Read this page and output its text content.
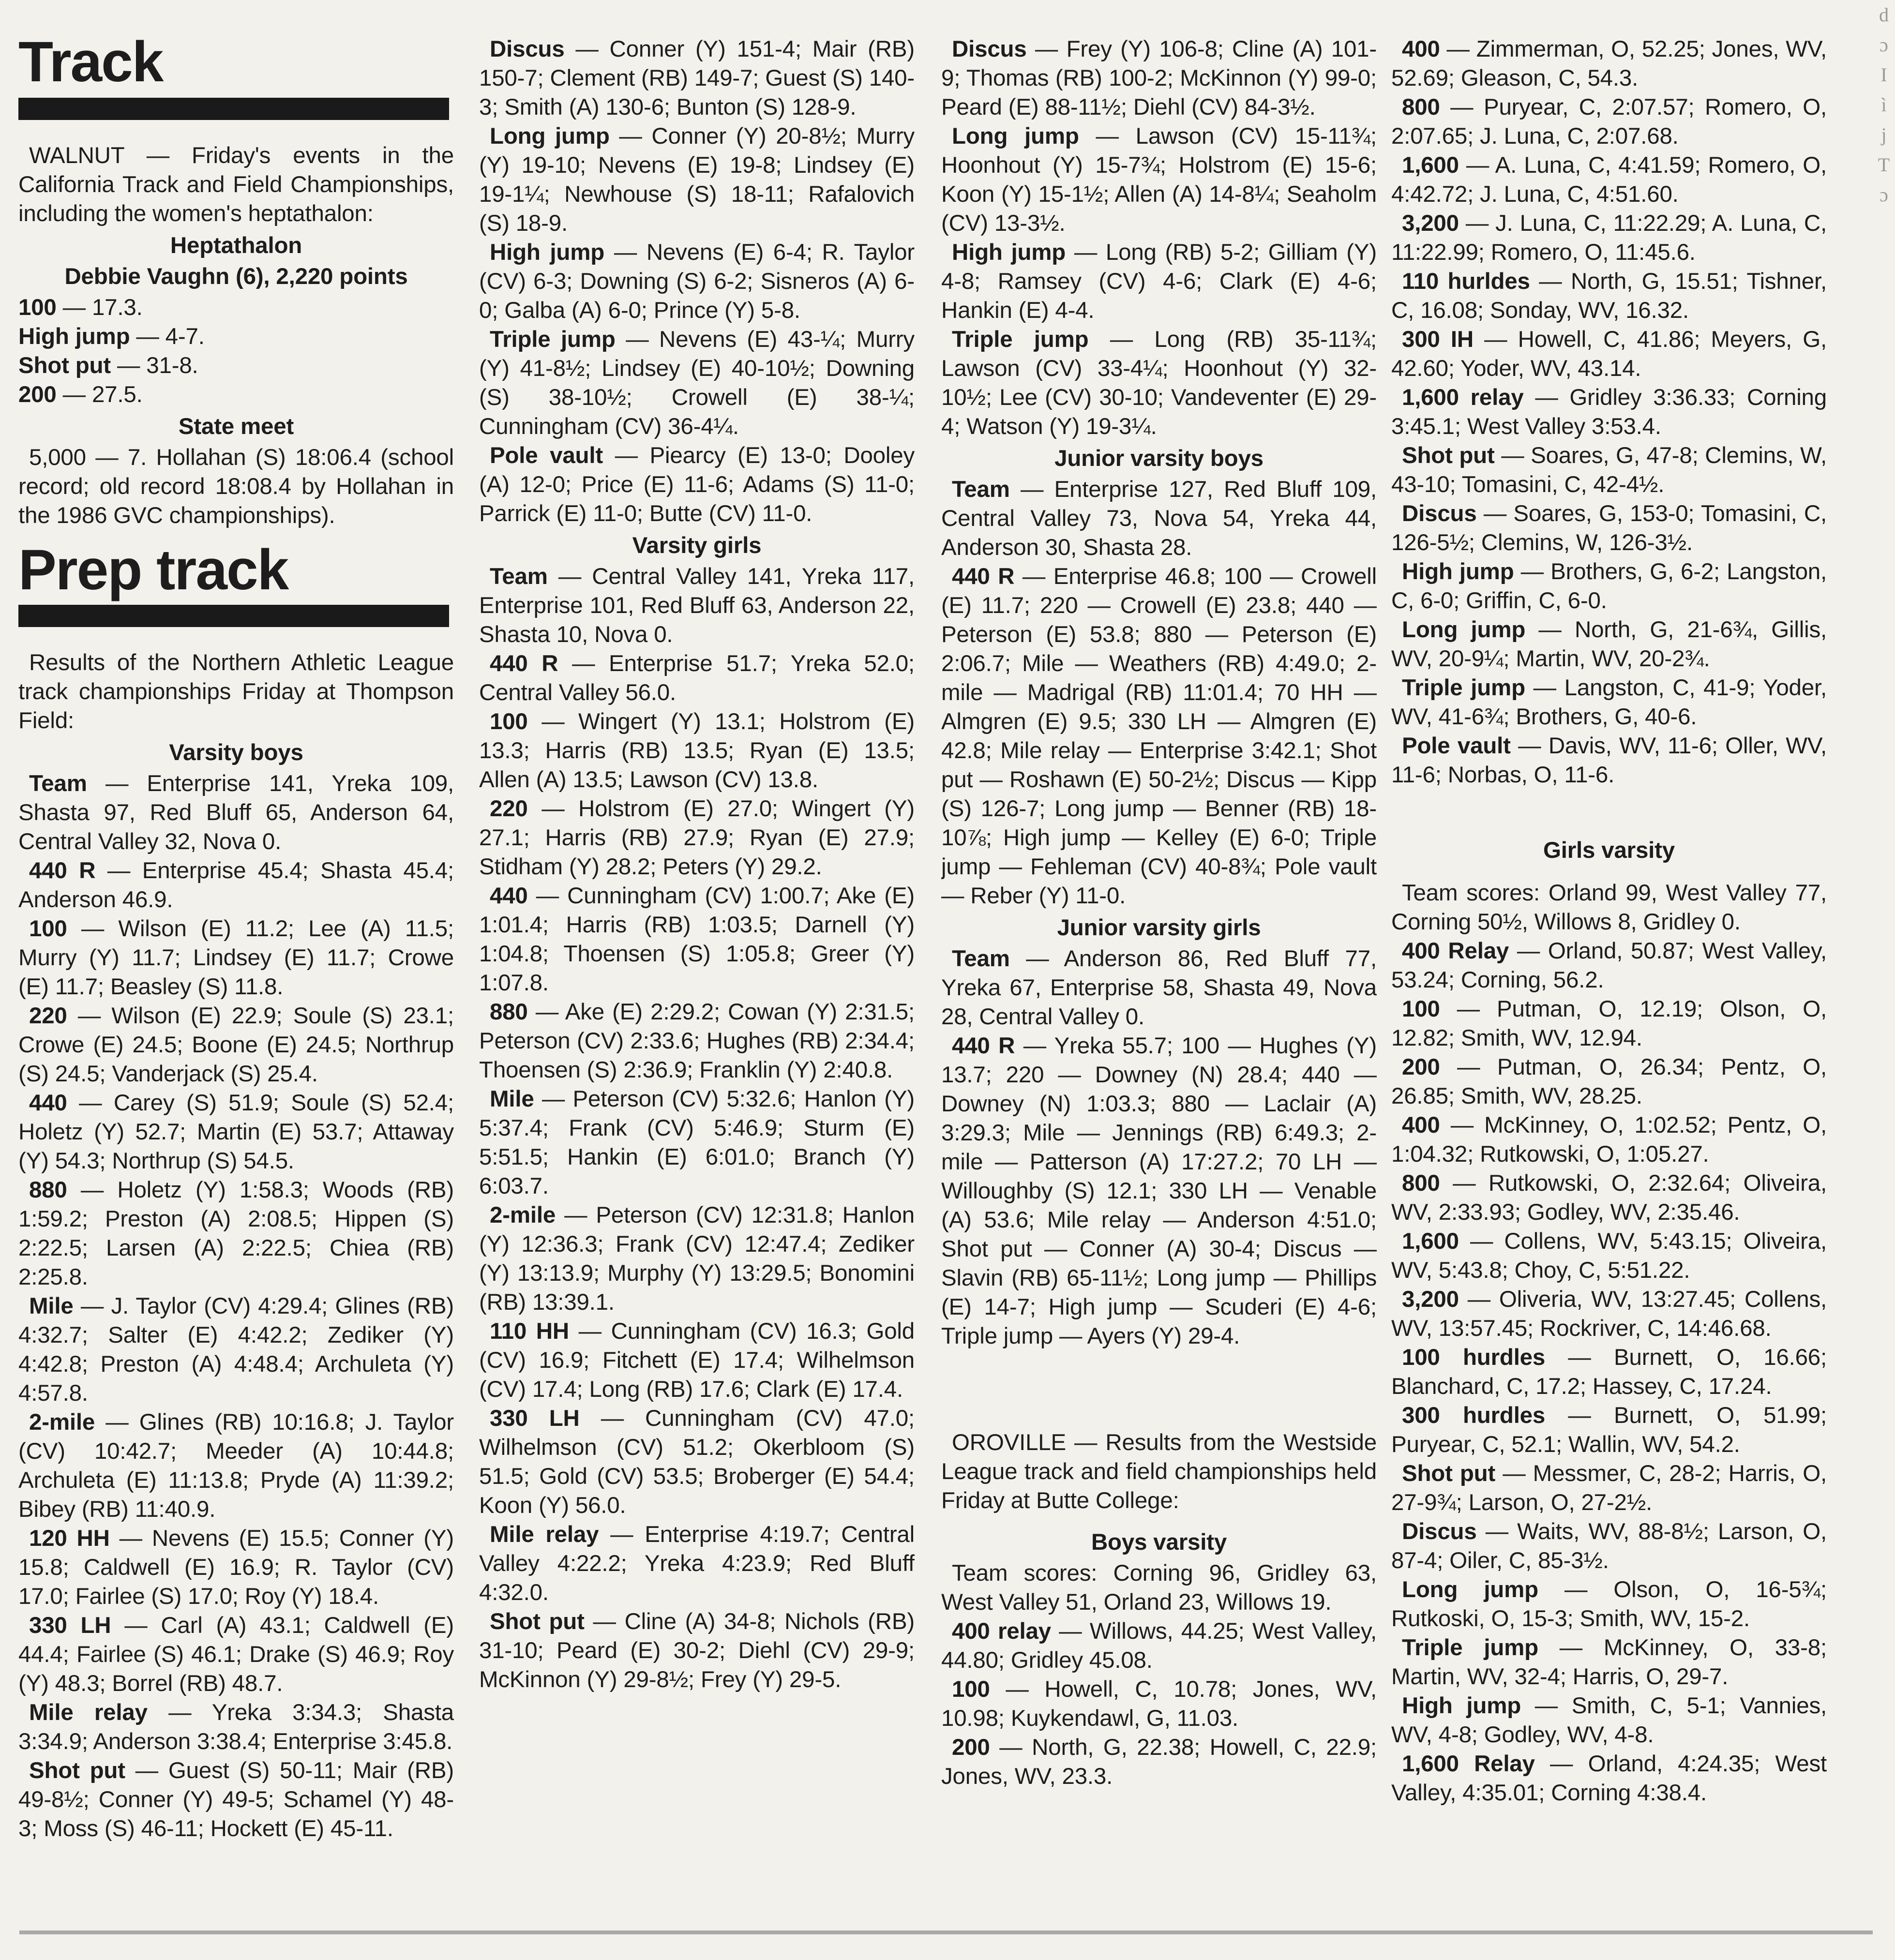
Track

WALNUT — Friday's events in the California Track and Field Championships, including the women's heptathalon:

Heptathalon
Debbie Vaughn (6), 2,220 points

100 — 17.3.

High jump — 4-7.

Shot put — 31-8.

200 — 27.5.

State meet

5,000 — 7. Hollahan (S) 18:06.4 (school record; old record 18:08.4 by Hollahan in the 1986 GVC championships).

Prep track

Results of the Northern Athletic League track championships Friday at Thompson Field:

Varsity boys

Team — Enterprise 141, Yreka 109, Shasta 97, Red Bluff 65, Anderson 64, Central Valley 32, Nova 0.

440 R — Enterprise 45.4; Shasta 45.4; Anderson 46.9.

100 — Wilson (E) 11.2; Lee (A) 11.5; Murry (Y) 11.7; Lindsey (E) 11.7; Crowe (E) 11.7; Beasley (S) 11.8.

220 — Wilson (E) 22.9; Soule (S) 23.1; Crowe (E) 24.5; Boone (E) 24.5; Northrup (S) 24.5; Vanderjack (S) 25.4.

440 — Carey (S) 51.9; Soule (S) 52.4; Holetz (Y) 52.7; Martin (E) 53.7; Attaway (Y) 54.3; Northrup (S) 54.5.

880 — Holetz (Y) 1:58.3; Woods (RB) 1:59.2; Preston (A) 2:08.5; Hippen (S) 2:22.5; Larsen (A) 2:22.5; Chiea (RB) 2:25.8.

Mile — J. Taylor (CV) 4:29.4; Glines (RB) 4:32.7; Salter (E) 4:42.2; Zediker (Y) 4:42.8; Preston (A) 4:48.4; Archuleta (Y) 4:57.8.

2-mile — Glines (RB) 10:16.8; J. Taylor (CV) 10:42.7; Meeder (A) 10:44.8; Archuleta (E) 11:13.8; Pryde (A) 11:39.2; Bibey (RB) 11:40.9.

120 HH — Nevens (E) 15.5; Conner (Y) 15.8; Caldwell (E) 16.9; R. Taylor (CV) 17.0; Fairlee (S) 17.0; Roy (Y) 18.4.

330 LH — Carl (A) 43.1; Caldwell (E) 44.4; Fairlee (S) 46.1; Drake (S) 46.9; Roy (Y) 48.3; Borrel (RB) 48.7.

Mile relay — Yreka 3:34.3; Shasta 3:34.9; Anderson 3:38.4; Enterprise 3:45.8.

Shot put — Guest (S) 50-11; Mair (RB) 49-8½; Conner (Y) 49-5; Schamel (Y) 48-3; Moss (S) 46-11; Hockett (E) 45-11.

Discus — Conner (Y) 151-4; Mair (RB) 150-7; Clement (RB) 149-7; Guest (S) 140-3; Smith (A) 130-6; Bunton (S) 128-9.

Long jump — Conner (Y) 20-8½; Murry (Y) 19-10; Nevens (E) 19-8; Lindsey (E) 19-1¼; Newhouse (S) 18-11; Rafalovich (S) 18-9.

High jump — Nevens (E) 6-4; R. Taylor (CV) 6-3; Downing (S) 6-2; Sisneros (A) 6-0; Galba (A) 6-0; Prince (Y) 5-8.

Triple jump — Nevens (E) 43-¼; Murry (Y) 41-8½; Lindsey (E) 40-10½; Downing (S) 38-10½; Crowell (E) 38-¼; Cunningham (CV) 36-4¼.

Pole vault — Piearcy (E) 13-0; Dooley (A) 12-0; Price (E) 11-6; Adams (S) 11-0; Parrick (E) 11-0; Butte (CV) 11-0.

Varsity girls

Team — Central Valley 141, Yreka 117, Enterprise 101, Red Bluff 63, Anderson 22, Shasta 10, Nova 0.

440 R — Enterprise 51.7; Yreka 52.0; Central Valley 56.0.

100 — Wingert (Y) 13.1; Holstrom (E) 13.3; Harris (RB) 13.5; Ryan (E) 13.5; Allen (A) 13.5; Lawson (CV) 13.8.

220 — Holstrom (E) 27.0; Wingert (Y) 27.1; Harris (RB) 27.9; Ryan (E) 27.9; Stidham (Y) 28.2; Peters (Y) 29.2.

440 — Cunningham (CV) 1:00.7; Ake (E) 1:01.4; Harris (RB) 1:03.5; Darnell (Y) 1:04.8; Thoensen (S) 1:05.8; Greer (Y) 1:07.8.

880 — Ake (E) 2:29.2; Cowan (Y) 2:31.5; Peterson (CV) 2:33.6; Hughes (RB) 2:34.4; Thoensen (S) 2:36.9; Franklin (Y) 2:40.8.

Mile — Peterson (CV) 5:32.6; Hanlon (Y) 5:37.4; Frank (CV) 5:46.9; Sturm (E) 5:51.5; Hankin (E) 6:01.0; Branch (Y) 6:03.7.

2-mile — Peterson (CV) 12:31.8; Hanlon (Y) 12:36.3; Frank (CV) 12:47.4; Zediker (Y) 13:13.9; Murphy (Y) 13:29.5; Bonomini (RB) 13:39.1.

110 HH — Cunningham (CV) 16.3; Gold (CV) 16.9; Fitchett (E) 17.4; Wilhelmson (CV) 17.4; Long (RB) 17.6; Clark (E) 17.4.

330 LH — Cunningham (CV) 47.0; Wilhelmson (CV) 51.2; Okerbloom (S) 51.5; Gold (CV) 53.5; Broberger (E) 54.4; Koon (Y) 56.0.

Mile relay — Enterprise 4:19.7; Central Valley 4:22.2; Yreka 4:23.9; Red Bluff 4:32.0.

Shot put — Cline (A) 34-8; Nichols (RB) 31-10; Peard (E) 30-2; Diehl (CV) 29-9; McKinnon (Y) 29-8½; Frey (Y) 29-5.

Discus — Frey (Y) 106-8; Cline (A) 101-9; Thomas (RB) 100-2; McKinnon (Y) 99-0; Peard (E) 88-11½; Diehl (CV) 84-3½.

Long jump — Lawson (CV) 15-11¾; Hoonhout (Y) 15-7¾; Holstrom (E) 15-6; Koon (Y) 15-1½; Allen (A) 14-8¼; Seaholm (CV) 13-3½.

High jump — Long (RB) 5-2; Gilliam (Y) 4-8; Ramsey (CV) 4-6; Clark (E) 4-6; Hankin (E) 4-4.

Triple jump — Long (RB) 35-11¾; Lawson (CV) 33-4¼; Hoonhout (Y) 32-10½; Lee (CV) 30-10; Vandeventer (E) 29-4; Watson (Y) 19-3¼.

Junior varsity boys

Team — Enterprise 127, Red Bluff 109, Central Valley 73, Nova 54, Yreka 44, Anderson 30, Shasta 28.

440 R — Enterprise 46.8; 100 — Crowell (E) 11.7; 220 — Crowell (E) 23.8; 440 — Peterson (E) 53.8; 880 — Peterson (E) 2:06.7; Mile — Weathers (RB) 4:49.0; 2-mile — Madrigal (RB) 11:01.4; 70 HH — Almgren (E) 9.5; 330 LH — Almgren (E) 42.8; Mile relay — Enterprise 3:42.1; Shot put — Roshawn (E) 50-2½; Discus — Kipp (S) 126-7; Long jump — Benner (RB) 18-10⅞; High jump — Kelley (E) 6-0; Triple jump — Fehleman (CV) 40-8¾; Pole vault — Reber (Y) 11-0.

Junior varsity girls

Team — Anderson 86, Red Bluff 77, Yreka 67, Enterprise 58, Shasta 49, Nova 28, Central Valley 0.

440 R — Yreka 55.7; 100 — Hughes (Y) 13.7; 220 — Downey (N) 28.4; 440 — Downey (N) 1:03.3; 880 — Laclair (A) 3:29.3; Mile — Jennings (RB) 6:49.3; 2-mile — Patterson (A) 17:27.2; 70 LH — Willoughby (S) 12.1; 330 LH — Venable (A) 53.6; Mile relay — Anderson 4:51.0; Shot put — Conner (A) 30-4; Discus — Slavin (RB) 65-11½; Long jump — Phillips (E) 14-7; High jump — Scuderi (E) 4-6; Triple jump — Ayers (Y) 29-4.

OROVILLE — Results from the Westside League track and field championships held Friday at Butte College:

Boys varsity

Team scores: Corning 96, Gridley 63, West Valley 51, Orland 23, Willows 19.

400 relay — Willows, 44.25; West Valley, 44.80; Gridley 45.08.

100 — Howell, C, 10.78; Jones, WV, 10.98; Kuykendawl, G, 11.03.

200 — North, G, 22.38; Howell, C, 22.9; Jones, WV, 23.3.

400 — Zimmerman, O, 52.25; Jones, WV, 52.69; Gleason, C, 54.3.

800 — Puryear, C, 2:07.57; Romero, O, 2:07.65; J. Luna, C, 2:07.68.

1,600 — A. Luna, C, 4:41.59; Romero, O, 4:42.72; J. Luna, C, 4:51.60.

3,200 — J. Luna, C, 11:22.29; A. Luna, C, 11:22.99; Romero, O, 11:45.6.

110 hurldes — North, G, 15.51; Tishner, C, 16.08; Sonday, WV, 16.32.

300 IH — Howell, C, 41.86; Meyers, G, 42.60; Yoder, WV, 43.14.

1,600 relay — Gridley 3:36.33; Corning 3:45.1; West Valley 3:53.4.

Shot put — Soares, G, 47-8; Clemins, W, 43-10; Tomasini, C, 42-4½.

Discus — Soares, G, 153-0; Tomasini, C, 126-5½; Clemins, W, 126-3½.

High jump — Brothers, G, 6-2; Langston, C, 6-0; Griffin, C, 6-0.

Long jump — North, G, 21-6¾, Gillis, WV, 20-9¼; Martin, WV, 20-2¾.

Triple jump — Langston, C, 41-9; Yoder, WV, 41-6¾; Brothers, G, 40-6.

Pole vault — Davis, WV, 11-6; Oller, WV, 11-6; Norbas, O, 11-6.

Girls varsity

Team scores: Orland 99, West Valley 77, Corning 50½, Willows 8, Gridley 0.

400 Relay — Orland, 50.87; West Valley, 53.24; Corning, 56.2.

100 — Putman, O, 12.19; Olson, O, 12.82; Smith, WV, 12.94.

200 — Putman, O, 26.34; Pentz, O, 26.85; Smith, WV, 28.25.

400 — McKinney, O, 1:02.52; Pentz, O, 1:04.32; Rutkowski, O, 1:05.27.

800 — Rutkowski, O, 2:32.64; Oliveira, WV, 2:33.93; Godley, WV, 2:35.46.

1,600 — Collens, WV, 5:43.15; Oliveira, WV, 5:43.8; Choy, C, 5:51.22.

3,200 — Oliveria, WV, 13:27.45; Collens, WV, 13:57.45; Rockriver, C, 14:46.68.

100 hurdles — Burnett, O, 16.66; Blanchard, C, 17.2; Hassey, C, 17.24.

300 hurdles — Burnett, O, 51.99; Puryear, C, 52.1; Wallin, WV, 54.2.

Shot put — Messmer, C, 28-2; Harris, O, 27-9¾; Larson, O, 27-2½.

Discus — Waits, WV, 88-8½; Larson, O, 87-4; Oiler, C, 85-3½.

Long jump — Olson, O, 16-5¾; Rutkoski, O, 15-3; Smith, WV, 15-2.

Triple jump — McKinney, O, 33-8; Martin, WV, 32-4; Harris, O, 29-7.

High jump — Smith, C, 5-1; Vannies, WV, 4-8; Godley, WV, 4-8.

1,600 Relay — Orland, 4:24.35; West Valley, 4:35.01; Corning 4:38.4.

d
ɔ
I
ì
j
T
ɔ
